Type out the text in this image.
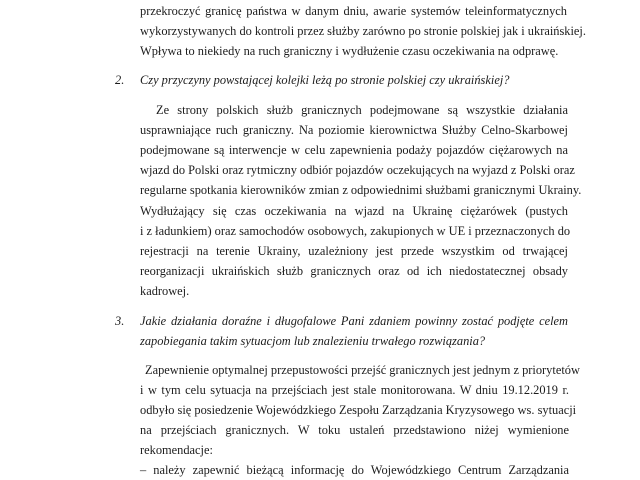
przekroczyć granicę państwa w danym dniu, awarie systemów teleinformatycznych
wykorzystywanych do kontroli przez służby zarówno po stronie polskiej jak i ukraińskiej.
Wpływa to niekiedy na ruch graniczny i wydłużenie czasu oczekiwania na odprawę.
2. Czy przyczyny powstającej kolejki leżą po stronie polskiej czy ukraińskiej?
Ze strony polskich służb granicznych podejmowane są wszystkie działania
usprawniające ruch graniczny. Na poziomie kierownictwa Służby Celno-Skarbowej
podejmowane są interwencje w celu zapewnienia podaży pojazdów ciężarowych na
wjazd do Polski oraz rytmiczny odbiór pojazdów oczekujących na wyjazd z Polski oraz
regularne spotkania kierowników zmian z odpowiednimi służbami granicznymi Ukrainy.
Wydłużający się czas oczekiwania na wjazd na Ukrainę ciężarówek (pustych
i z ładunkiem) oraz samochodów osobowych, zakupionych w UE i przeznaczonych do
rejestracji na terenie Ukrainy, uzależniony jest przede wszystkim od trwającej
reorganizacji ukraińskich służb granicznych oraz od ich niedostatecznej obsady
kadrowej.
3. Jakie działania doraźne i długofalowe Pani zdaniem powinny zostać podjęte celem
zapobiegania takim sytuacjom lub znalezieniu trwałego rozwiązania?
Zapewnienie optymalnej przepustowości przejść granicznych jest jednym z priorytetów
i w tym celu sytuacja na przejściach jest stale monitorowana. W dniu 19.12.2019 r.
odbyło się posiedzenie Wojewódzkiego Zespołu Zarządzania Kryzysowego ws. sytuacji
na przejściach granicznych. W toku ustaleń przedstawiono niżej wymienione
rekomendacje:
– należy zapewnić bieżącą informację do Wojewódzkiego Centrum Zarządzania
